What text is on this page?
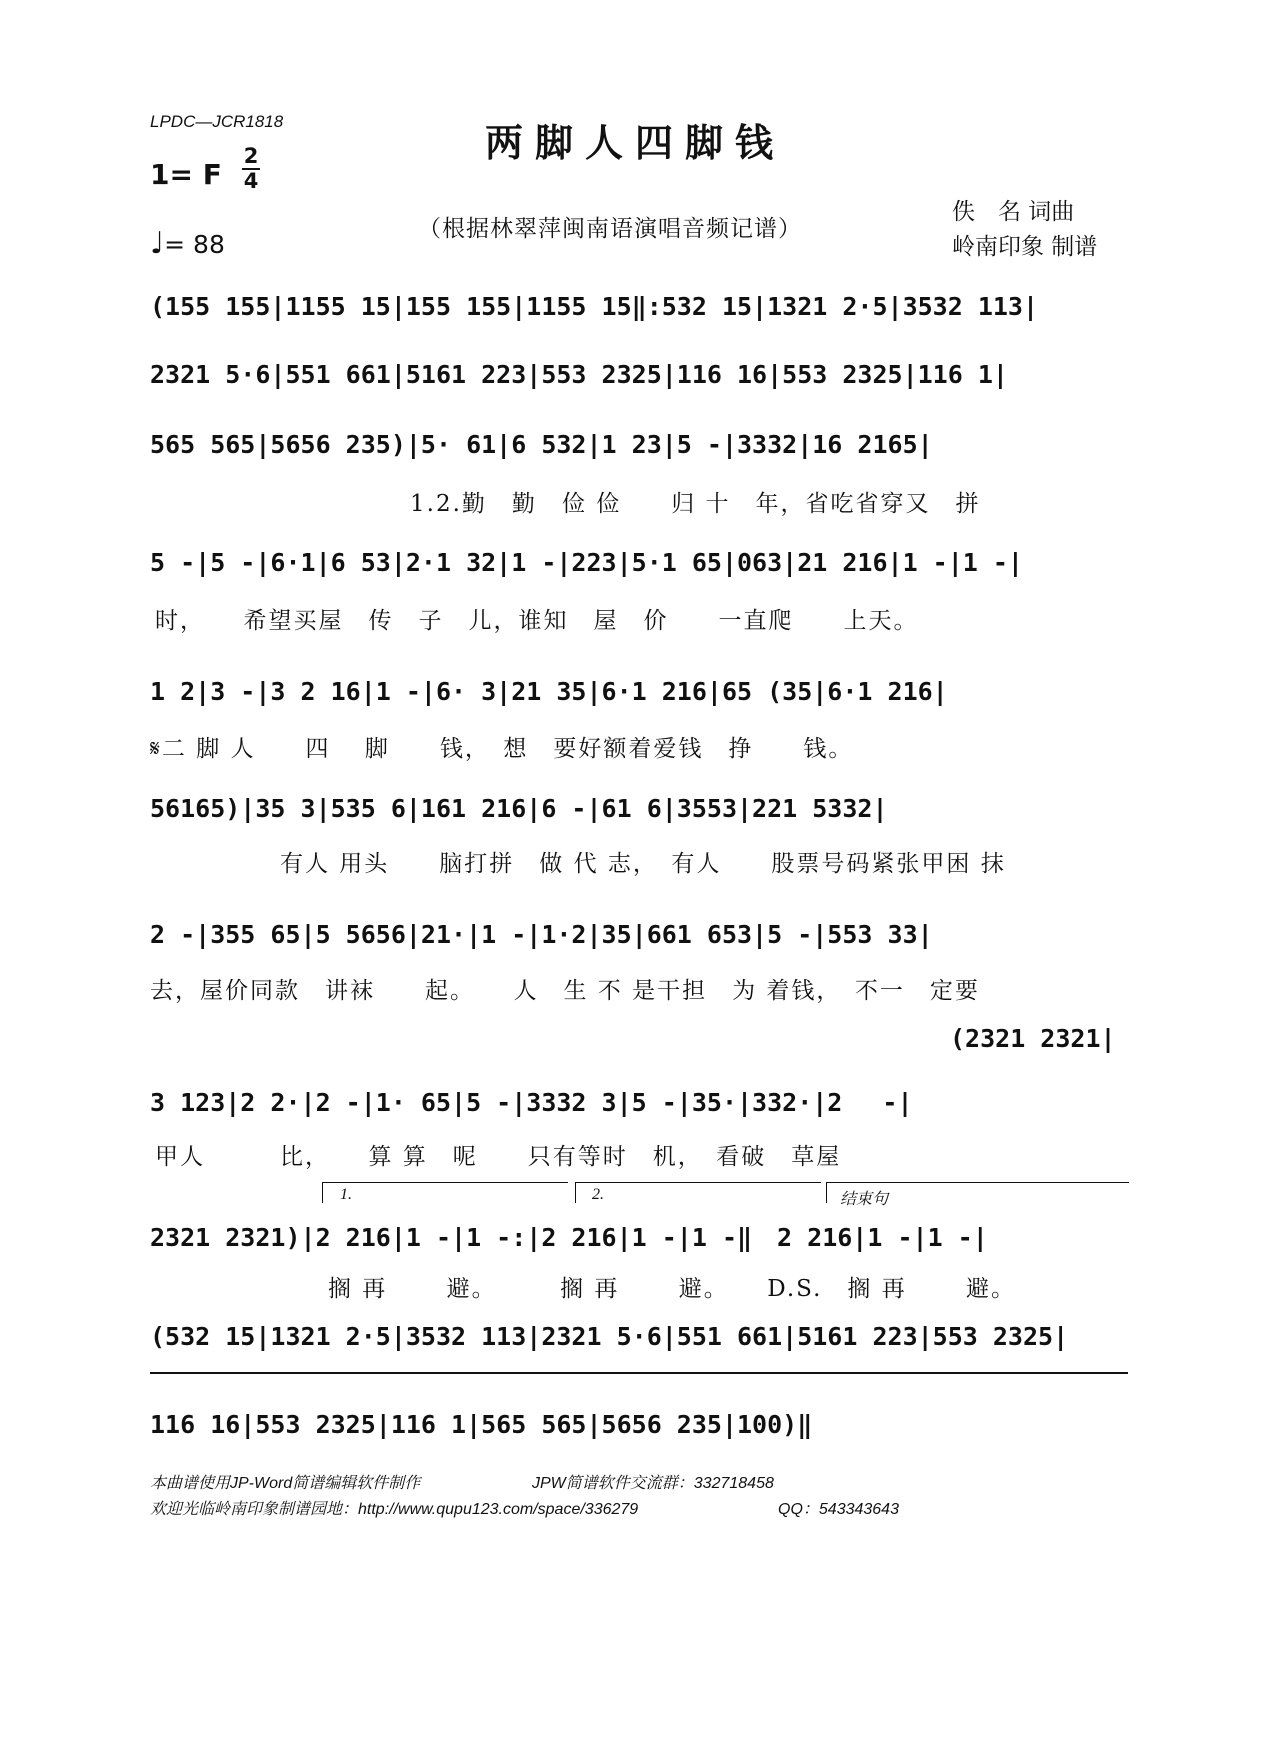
LPDC—JCR1818	两脚人四脚钱
1= F
2
4
♩= 88
（根据林翠萍闽南语演唱音频记谱）
佚　名 词曲
岭南印象 制谱
(155 155|1155 15|155 155|1155 15‖:532 15|1321 2·5|3532 113|
2321 5·6|551 661|5161 223|553 2325|116 16|553 2325|116 1|
565 565|5656 235)|5· 61|6 532|1 23|5 -|3332|16 2165|
1.2.勤　勤　俭 俭　　归 十　年，省吃省穿又　拼
5 -|5 -|6·1|6 53|2·1 32|1 -|223|5·1 65|063|21 216|1 -|1 -|
时，　　希望买屋　传　子　儿，谁知　屋　价　　一直爬　　上天。
1 2|3 -|3 2 16|1 -|6· 3|21 35|6·1 216|65 (35|6·1 216|
𝄋二 脚 人　　四　 脚　　钱，　想　要好额着爱钱　挣　　钱。
56165)|35 3|535 6|161 216|6 -|61 6|3553|221 5332|
有人 用头　　脑打拼　做 代 志，　有人　　股票号码紧张甲困 抹
2 -|355 65|5 5656|21·|1 -|1·2|35|661 653|5 -|553 33|
去，屋价同款　讲袜　　起。　　人　生 不 是干担　为 着钱，　不一　定要
(2321 2321|
3 123|2 2·|2 -|1· 65|5 -|3332 3|5 -|35·|332·|2　 -|
甲人　　　比，　　算 算　呢　　只有等时　机，　看破　草屋
1.	2.	结束句
2321 2321)|2 216|1 -|1 -:|2 216|1 -|1 -‖　2 216|1 -|1 -|
搁 再　　 避。　　　搁 再　　 避。　　D.S.　搁 再　　 避。
(532 15|1321 2·5|3532 113|2321 5·6|551 661|5161 223|553 2325|
116 16|553 2325|116 1|565 565|5656 235|100)‖
本曲谱使用JP-Word简谱编辑软件制作	JPW简谱软件交流群：332718458
欢迎光临岭南印象制谱园地：http://www.qupu123.com/space/336279	QQ：543343643
